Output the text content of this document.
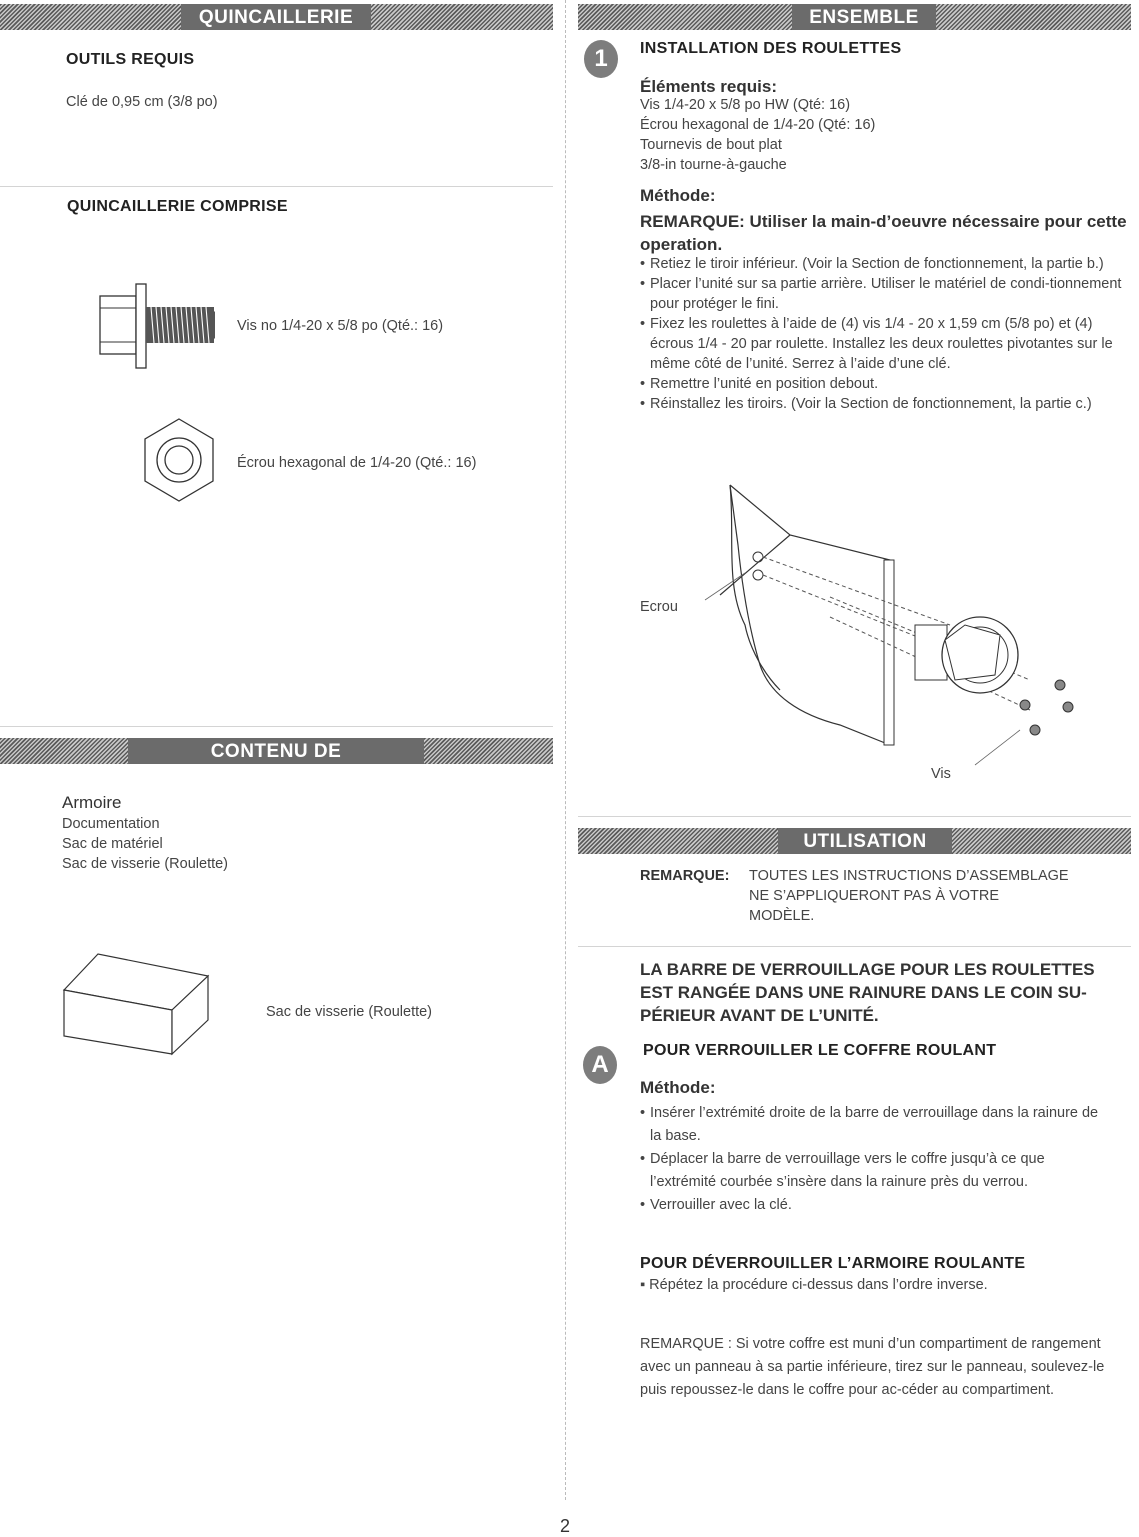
QUINCAILLERIE
OUTILS REQUIS
Clé de 0,95 cm (3/8 po)
QUINCAILLERIE COMPRISE
Vis no 1/4-20 x 5/8 po (Qté.: 16)
Écrou hexagonal de 1/4-20 (Qté.: 16)
CONTENU DE L’EMBALLAGE
Armoire
Documentation
Sac de matériel
Sac de visserie (Roulette)
Sac de visserie (Roulette)
ENSEMBLE
1	INSTALLATION DES ROULETTES
Éléments requis:
Vis 1/4-20 x 5/8 po HW (Qté: 16)
Écrou hexagonal de 1/4-20 (Qté: 16)
Tournevis de bout plat
3/8-in tourne-à-gauche
Méthode:
REMARQUE: Utiliser la main-d’oeuvre nécessaire pour cette operation.
• Retiez le tiroir inférieur. (Voir la Section de fonctionnement, la partie b.)
• Placer l’unité sur sa partie arrière. Utiliser le matériel de condi-tionnement pour protéger le fini.
• Fixez les roulettes à l’aide de (4) vis 1/4 - 20 x 1,59 cm (5/8 po) et (4) écrous 1/4 - 20 par roulette. Installez les deux roulettes pivotantes sur le même côté de l’unité. Serrez à l’aide d’une clé.
• Remettre l’unité en position debout.
• Réinstallez les tiroirs. (Voir la Section de fonctionnement, la partie c.)
Ecrou
Vis
UTILISATION
REMARQUE: TOUTES LES INSTRUCTIONS D’ASSEMBLAGE
NE S’APPLIQUERONT PAS À VOTRE
MODÈLE.
LA BARRE DE VERROUILLAGE POUR LES ROULETTES
EST RANGÉE DANS UNE RAINURE DANS LE COIN SU-
PÉRIEUR AVANT DE L’UNITÉ.
A
POUR VERROUILLER LE COFFRE ROULANT
Méthode:
• Insérer l’extrémité droite de la barre de verrouillage dans la rainure de la base.
• Déplacer la barre de verrouillage vers le coffre jusqu’à ce que l’extrémité courbée s’insère dans la rainure près du verrou.
• Verrouiller avec la clé.
POUR DÉVERROUILLER L’ARMOIRE ROULANTE
▪ Répétez la procédure ci-dessus dans l’ordre inverse.
REMARQUE : Si votre coffre est muni d’un compartiment de rangement avec un panneau à sa partie inférieure, tirez sur le panneau, soulevez-le puis repoussez-le dans le coffre pour ac-céder au compartiment.
2
